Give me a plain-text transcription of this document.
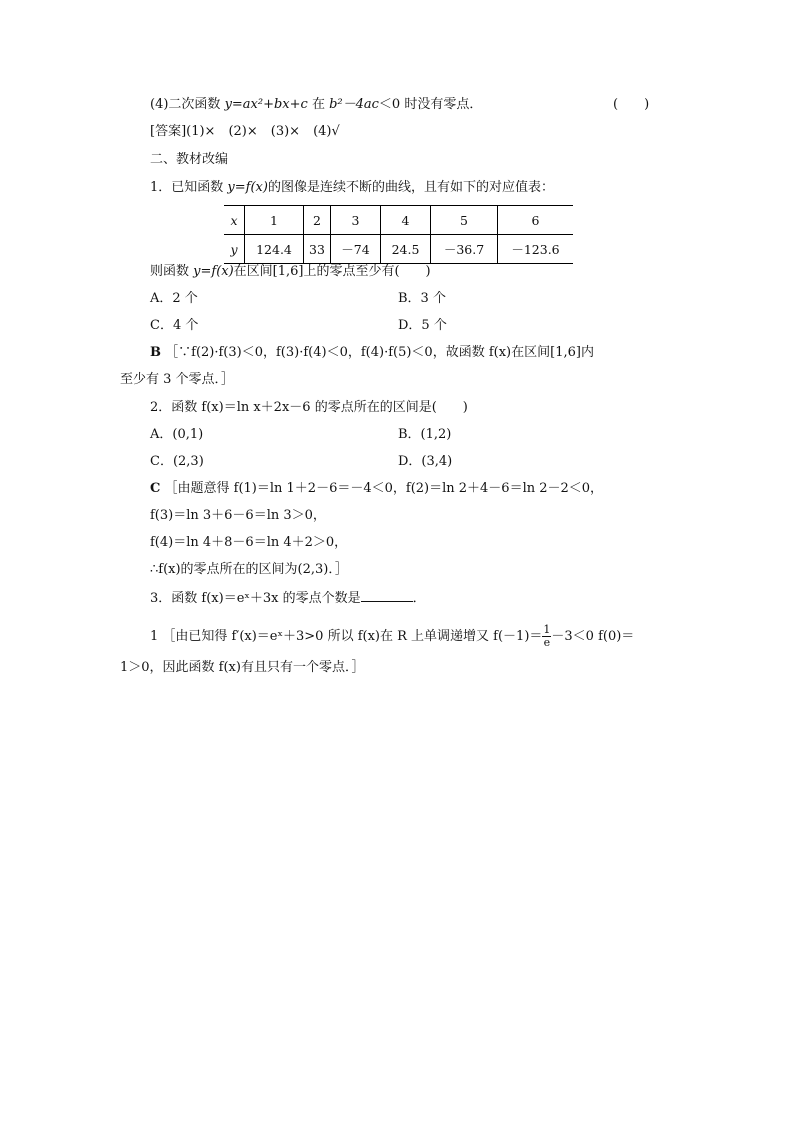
(4)二次函数 y=ax²+bx+c 在 b²－4ac＜0 时没有零点．	(　　)
[答案](1)×　(2)×　(3)×　(4)√
二、教材改编
1．已知函数 y=f(x)的图像是连续不断的曲线，且有如下的对应值表：
x	1	2	3	4	5	6
y	124.4	33	－74	24.5	－36.7	－123.6
则函数 y=f(x)在区间[1,6]上的零点至少有(　　)
A．2 个	B．3 个
C．4 个	D．5 个
B ［∵f(2)·f(3)＜0，f(3)·f(4)＜0，f(4)·f(5)＜0，故函数 f(x)在区间[1,6]内
至少有 3 个零点．］
2．函数 f(x)＝ln x＋2x－6 的零点所在的区间是(　　)
A．(0,1)	B．(1,2)
C．(2,3)	D．(3,4)
C ［由题意得 f(1)＝ln 1＋2－6＝－4＜0，f(2)＝ln 2＋4－6＝ln 2－2＜0，
f(3)＝ln 3＋6－6＝ln 3＞0，
f(4)＝ln 4＋8－6＝ln 4＋2＞0，
∴f(x)的零点所在的区间为(2,3)．］
3．函数 f(x)＝eˣ＋3x 的零点个数是	．
1 ［由已知得 f′(x)＝eˣ＋3>0 所以 f(x)在 R 上单调递增又 $f(-1)= \frac{1}{e} -3<0$ f(0)＝
1＞0，因此函数 f(x)有且只有一个零点．］
